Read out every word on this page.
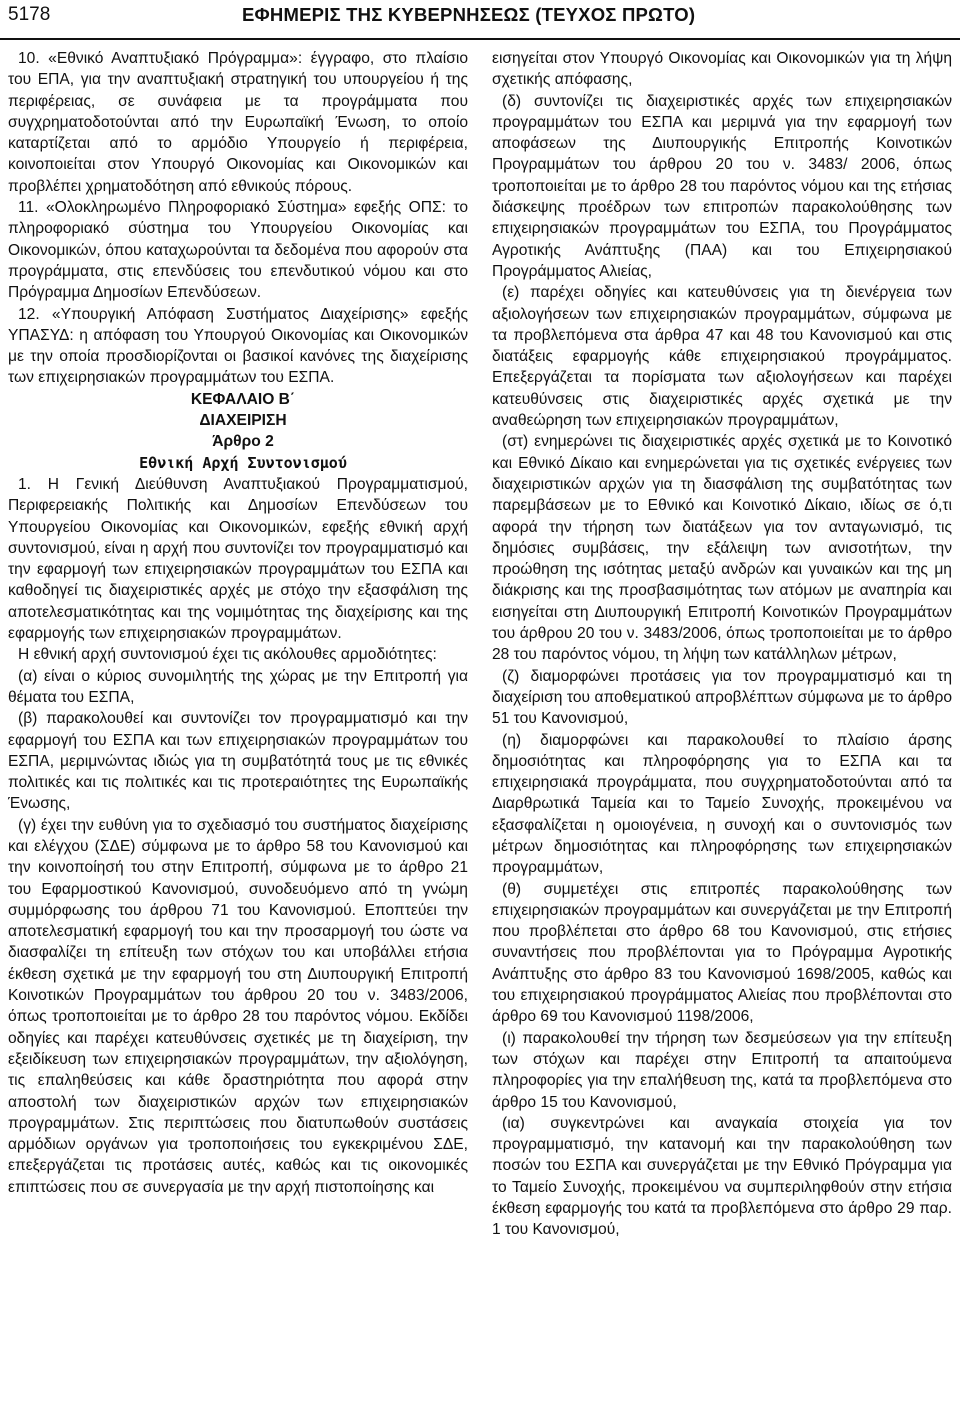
5178	ΕΦΗΜΕΡΙΣ ΤΗΣ ΚΥΒΕΡΝΗΣΕΩΣ (ΤΕΥΧΟΣ ΠΡΩΤΟ)

10. «Εθνικό Αναπτυξιακό Πρόγραμμα»: έγγραφο, στο πλαίσιο του ΕΠΑ, για την αναπτυξιακή στρατηγική του υπουργείου ή της περιφέρειας, σε συνάφεια με τα προγράμματα που συγχρηματοδοτούνται από την Ευρωπαϊκή Ένωση, το οποίο καταρτίζεται από το αρμόδιο Υπουργείο ή περιφέρεια, κοινοποιείται στον Υπουργό Οικονομίας και Οικονομικών και προβλέπει χρηματοδότηση από εθνικούς πόρους.

11. «Ολοκληρωμένο Πληροφοριακό Σύστημα» εφεξής ΟΠΣ: το πληροφοριακό σύστημα του Υπουργείου Οικονομίας και Οικονομικών, όπου καταχωρούνται τα δεδομένα που αφορούν στα προγράμματα, στις επενδύσεις του επενδυτικού νόμου και στο Πρόγραμμα Δημοσίων Επενδύσεων.

12. «Υπουργική Απόφαση Συστήματος Διαχείρισης» εφεξής ΥΠΑΣΥΔ: η απόφαση του Υπουργού Οικονομίας και Οικονομικών με την οποία προσδιορίζονται οι βασικοί κανόνες της διαχείρισης των επιχειρησιακών προγραμμάτων του ΕΣΠΑ.

ΚΕΦΑΛΑΙΟ Β΄

ΔΙΑΧΕΙΡΙΣΗ

Άρθρο 2

Εθνική Αρχή Συντονισμού

1. Η Γενική Διεύθυνση Αναπτυξιακού Προγραμματισμού, Περιφερειακής Πολιτικής και Δημοσίων Επενδύσεων του Υπουργείου Οικονομίας και Οικονομικών, εφεξής εθνική αρχή συντονισμού, είναι η αρχή που συντονίζει τον προγραμματισμό και την εφαρμογή των επιχειρησιακών προγραμμάτων του ΕΣΠΑ και καθοδηγεί τις διαχειριστικές αρχές με στόχο την εξασφάλιση της αποτελεσματικότητας και της νομιμότητας της διαχείρισης και της εφαρμογής των επιχειρησιακών προγραμμάτων.

Η εθνική αρχή συντονισμού έχει τις ακόλουθες αρμοδιότητες:

(α) είναι ο κύριος συνομιλητής της χώρας με την Επιτροπή για θέματα του ΕΣΠΑ,

(β) παρακολουθεί και συντονίζει τον προγραμματισμό και την εφαρμογή του ΕΣΠΑ και των επιχειρησιακών προγραμμάτων του ΕΣΠΑ, μεριμνώντας ιδιώς για τη συμβατότητά τους με τις εθνικές πολιτικές και τις πολιτικές και τις προτεραιότητες της Ευρωπαϊκής Ένωσης,

(γ) έχει την ευθύνη για το σχεδιασμό του συστήματος διαχείρισης και ελέγχου (ΣΔΕ) σύμφωνα με το άρθρο 58 του Κανονισμού και την κοινοποίησή του στην Επιτροπή, σύμφωνα με το άρθρο 21 του Εφαρμοστικού Κανονισμού, συνοδευόμενο από τη γνώμη συμμόρφωσης του άρθρου 71 του Κανονισμού. Εποπτεύει την αποτελεσματική εφαρμογή του και την προσαρμογή του ώστε να διασφαλίζει τη επίτευξη των στόχων του και υποβάλλει ετήσια έκθεση σχετικά με την εφαρμογή του στη Διυπουργική Επιτροπή Κοινοτικών Προγραμμάτων του άρθρου 20 του ν. 3483/2006, όπως τροποποιείται με το άρθρο 28 του παρόντος νόμου. Εκδίδει οδηγίες και παρέχει κατευθύνσεις σχετικές με τη διαχείριση, την εξειδίκευση των επιχειρησιακών προγραμμάτων, την αξιολόγηση, τις επαληθεύσεις και κάθε δραστηριότητα που αφορά στην αποστολή των διαχειριστικών αρχών των επιχειρησιακών προγραμμάτων. Στις περιπτώσεις που διατυπωθούν συστάσεις αρμόδιων οργάνων για τροποποιήσεις του εγκεκριμένου ΣΔΕ, επεξεργάζεται τις προτάσεις αυτές, καθώς και τις οικονομικές επιπτώσεις που σε συνεργασία με την αρχή πιστοποίησης και

εισηγείται στον Υπουργό Οικονομίας και Οικονομικών για τη λήψη σχετικής απόφασης,

(δ) συντονίζει τις διαχειριστικές αρχές των επιχειρησιακών προγραμμάτων του ΕΣΠΑ και μεριμνά για την εφαρμογή των αποφάσεων της Διυπουργικής Επιτροπής Κοινοτικών Προγραμμάτων του άρθρου 20 του ν. 3483/ 2006, όπως τροποποιείται με το άρθρο 28 του παρόντος νόμου και της ετήσιας διάσκεψης προέδρων των επιτροπών παρακολούθησης των επιχειρησιακών προγραμμάτων του ΕΣΠΑ, του Προγράμματος Αγροτικής Ανάπτυξης (ΠΑΑ) και του Επιχειρησιακού Προγράμματος Αλιείας,

(ε) παρέχει οδηγίες και κατευθύνσεις για τη διενέργεια των αξιολογήσεων των επιχειρησιακών προγραμμάτων, σύμφωνα με τα προβλεπόμενα στα άρθρα 47 και 48 του Κανονισμού και στις διατάξεις εφαρμογής κάθε επιχειρησιακού προγράμματος. Επεξεργάζεται τα πορίσματα των αξιολογήσεων και παρέχει κατευθύνσεις στις διαχειριστικές αρχές σχετικά με την αναθεώρηση των επιχειρησιακών προγραμμάτων,

(στ) ενημερώνει τις διαχειριστικές αρχές σχετικά με το Κοινοτικό και Εθνικό Δίκαιο και ενημερώνεται για τις σχετικές ενέργειες των διαχειριστικών αρχών για τη διασφάλιση της συμβατότητας των παρεμβάσεων με το Εθνικό και Κοινοτικό Δίκαιο, ιδίως σε ό,τι αφορά την τήρηση των διατάξεων για τον ανταγωνισμό, τις δημόσιες συμβάσεις, την εξάλειψη των ανισοτήτων, την προώθηση της ισότητας μεταξύ ανδρών και γυναικών και της μη διάκρισης και της προσβασιμότητας των ατόμων με αναπηρία και εισηγείται στη Διυπουργική Επιτροπή Κοινοτικών Προγραμμάτων του άρθρου 20 του ν. 3483/2006, όπως τροποποιείται με το άρθρο 28 του παρόντος νόμου, τη λήψη των κατάλληλων μέτρων,

(ζ) διαμορφώνει προτάσεις για τον προγραμματισμό και τη διαχείριση του αποθεματικού απροβλέπτων σύμφωνα με το άρθρο 51 του Κανονισμού,

(η) διαμορφώνει και παρακολουθεί το πλαίσιο άρσης δημοσιότητας και πληροφόρησης για το ΕΣΠΑ και τα επιχειρησιακά προγράμματα, που συγχρηματοδοτούνται από τα Διαρθρωτικά Ταμεία και το Ταμείο Συνοχής, προκειμένου να εξασφαλίζεται η ομοιογένεια, η συνοχή και ο συντονισμός των μέτρων δημοσιότητας και πληροφόρησης των επιχειρησιακών προγραμμάτων,

(θ) συμμετέχει στις επιτροπές παρακολούθησης των επιχειρησιακών προγραμμάτων και συνεργάζεται με την Επιτροπή που προβλέπεται στο άρθρο 68 του Κανονισμού, στις ετήσιες συναντήσεις που προβλέπονται για το Πρόγραμμα Αγροτικής Ανάπτυξης στο άρθρο 83 του Κανονισμού 1698/2005, καθώς και του επιχειρησιακού προγράμματος Αλιείας που προβλέπονται στο άρθρο 69 του Κανονισμού 1198/2006,

(ι) παρακολουθεί την τήρηση των δεσμεύσεων για την επίτευξη των στόχων και παρέχει στην Επιτροπή τα απαιτούμενα πληροφορίες για την επαλήθευση της, κατά τα προβλεπόμενα στο άρθρο 15 του Κανονισμού,

(ια) συγκεντρώνει και αναγκαία στοιχεία για τον προγραμματισμό, την κατανομή και την παρακολούθηση των ποσών του ΕΣΠΑ και συνεργάζεται με την Εθνικό Πρόγραμμα για το Ταμείο Συνοχής, προκειμένου να συμπεριληφθούν στην ετήσια έκθεση εφαρμογής του κατά τα προβλεπόμενα στο άρθρο 29 παρ. 1 του Κανονισμού,
